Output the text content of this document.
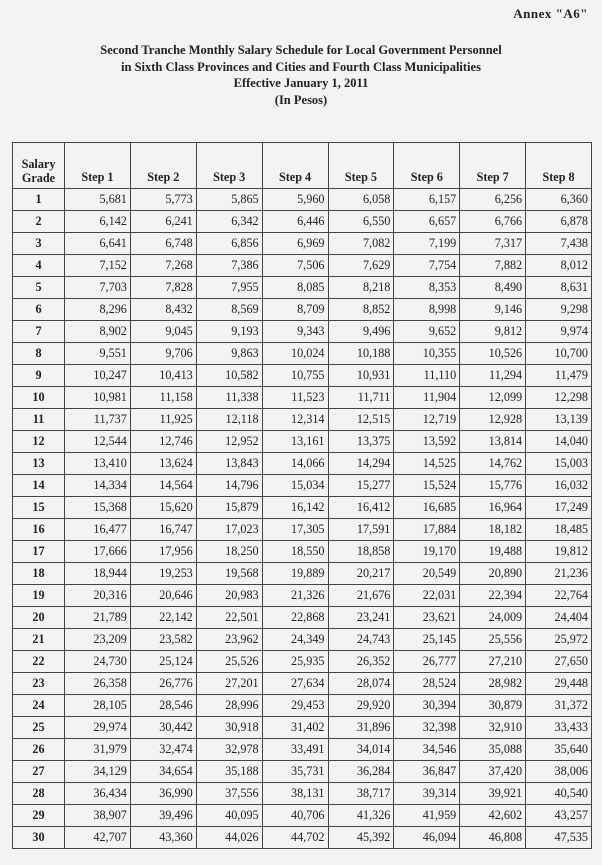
Annex "A6"
Second Tranche Monthly Salary Schedule for Local Government Personnel
in Sixth Class Provinces and Cities and Fourth Class Municipalities
Effective January 1, 2011
(In Pesos)
Salary
Grade	Step 1	Step 2	Step 3	Step 4	Step 5	Step 6	Step 7	Step 8
1	5,681	5,773	5,865	5,960	6,058	6,157	6,256	6,360
2	6,142	6,241	6,342	6,446	6,550	6,657	6,766	6,878
3	6,641	6,748	6,856	6,969	7,082	7,199	7,317	7,438
4	7,152	7,268	7,386	7,506	7,629	7,754	7,882	8,012
5	7,703	7,828	7,955	8,085	8,218	8,353	8,490	8,631
6	8,296	8,432	8,569	8,709	8,852	8,998	9,146	9,298
7	8,902	9,045	9,193	9,343	9,496	9,652	9,812	9,974
8	9,551	9,706	9,863	10,024	10,188	10,355	10,526	10,700
9	10,247	10,413	10,582	10,755	10,931	11,110	11,294	11,479
10	10,981	11,158	11,338	11,523	11,711	11,904	12,099	12,298
11	11,737	11,925	12,118	12,314	12,515	12,719	12,928	13,139
12	12,544	12,746	12,952	13,161	13,375	13,592	13,814	14,040
13	13,410	13,624	13,843	14,066	14,294	14,525	14,762	15,003
14	14,334	14,564	14,796	15,034	15,277	15,524	15,776	16,032
15	15,368	15,620	15,879	16,142	16,412	16,685	16,964	17,249
16	16,477	16,747	17,023	17,305	17,591	17,884	18,182	18,485
17	17,666	17,956	18,250	18,550	18,858	19,170	19,488	19,812
18	18,944	19,253	19,568	19,889	20,217	20,549	20,890	21,236
19	20,316	20,646	20,983	21,326	21,676	22,031	22,394	22,764
20	21,789	22,142	22,501	22,868	23,241	23,621	24,009	24,404
21	23,209	23,582	23,962	24,349	24,743	25,145	25,556	25,972
22	24,730	25,124	25,526	25,935	26,352	26,777	27,210	27,650
23	26,358	26,776	27,201	27,634	28,074	28,524	28,982	29,448
24	28,105	28,546	28,996	29,453	29,920	30,394	30,879	31,372
25	29,974	30,442	30,918	31,402	31,896	32,398	32,910	33,433
26	31,979	32,474	32,978	33,491	34,014	34,546	35,088	35,640
27	34,129	34,654	35,188	35,731	36,284	36,847	37,420	38,006
28	36,434	36,990	37,556	38,131	38,717	39,314	39,921	40,540
29	38,907	39,496	40,095	40,706	41,326	41,959	42,602	43,257
30	42,707	43,360	44,026	44,702	45,392	46,094	46,808	47,535
